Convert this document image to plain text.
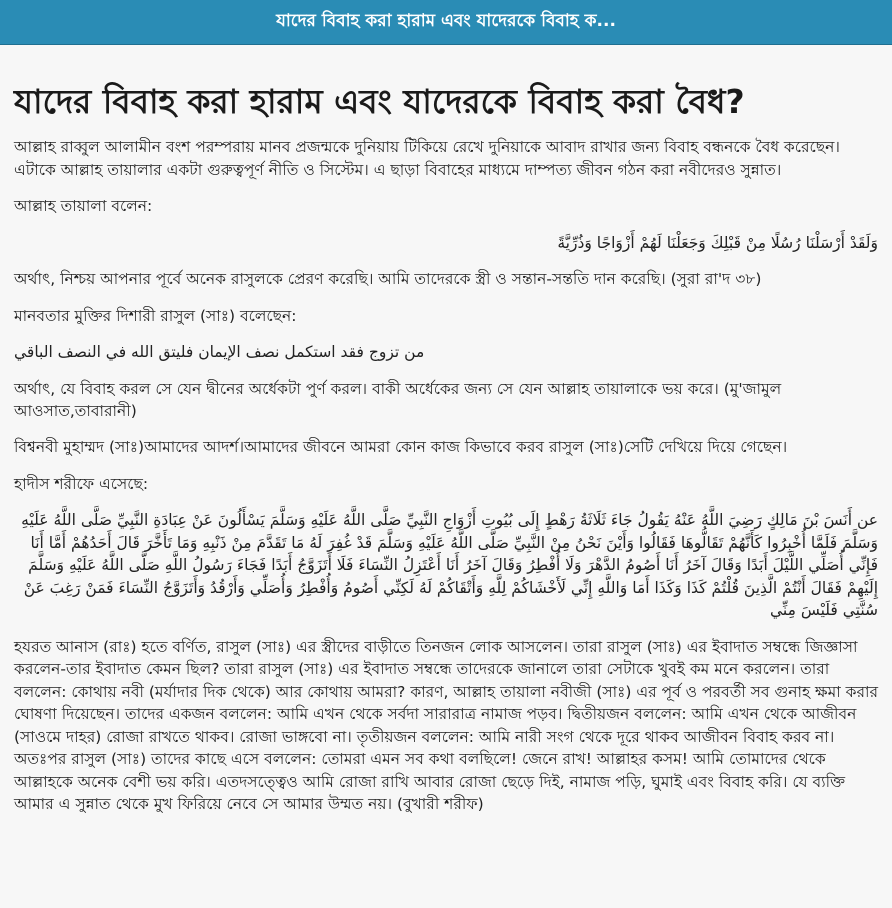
যাদের বিবাহ করা হারাম এবং যাদেরকে বিবাহ ক...
যাদের বিবাহ করা হারাম এবং যাদেরকে বিবাহ করা বৈধ?

আল্লাহ রাব্বুল আলামীন বংশ পরম্পরায় মানব প্রজন্মকে দুনিয়ায় টিকিয়ে রেখে দুনিয়াকে আবাদ রাখার জন্য বিবাহ বন্ধনকে বৈধ করেছেন। এটাকে আল্লাহ তায়ালার একটা গুরুত্বপূর্ণ নীতি ও সিস্টেম। এ ছাড়া বিবাহের মাধ্যমে দাম্পত্য জীবন গঠন করা নবীদেরও সুন্নাত।

আল্লাহ তায়ালা বলেন:

وَلَقَدْ أَرْسَلْنَا رُسُلًا مِنْ قَبْلِكَ وَجَعَلْنَا لَهُمْ أَزْوَاجًا وَذُرِّيَّةً

অর্থাৎ, নিশ্চয় আপনার পূর্বে অনেক রাসুলকে প্রেরণ করেছি। আমি তাদেরকে স্ত্রী ও সন্তান-সন্ততি দান করেছি। (সুরা রা'দ ৩৮)

মানবতার মুক্তির দিশারী রাসুল (সাঃ) বলেছেন:

من تزوج فقد استكمل نصف الإيمان فليتق الله في النصف الباقي

অর্থাৎ, যে বিবাহ করল সে যেন দ্বীনের অর্ধেকটা পুর্ণ করল। বাকী অর্ধেকের জন্য সে যেন আল্লাহ তায়ালাকে ভয় করে। (মু'জামুল আওসাত,তাবারানী)

বিশ্বনবী মুহাম্মদ (সাঃ)আমাদের আদর্শ।আমাদের জীবনে আমরা কোন কাজ কিভাবে করব রাসুল (সাঃ)সেটি দেখিয়ে দিয়ে গেছেন।

হাদীস শরীফে এসেছে:

عن أَنَسَ بْنَ مَالِكٍ رَضِيَ اللَّهُ عَنْهُ يَقُولُ جَاءَ ثَلَاثَةُ رَهْطٍ إِلَى بُيُوتِ أَزْوَاجِ النَّبِيِّ صَلَّى اللَّهُ عَلَيْهِ وَسَلَّمَ يَسْأَلُونَ عَنْ عِبَادَةِ النَّبِيِّ صَلَّى اللَّهُ عَلَيْهِ وَسَلَّمَ فَلَمَّا أُخْبِرُوا كَأَنَّهُمْ تَقَالُّوهَا فَقَالُوا وَأَيْنَ نَحْنُ مِنْ النَّبِيِّ صَلَّى اللَّهُ عَلَيْهِ وَسَلَّمَ قَدْ غُفِرَ لَهُ مَا تَقَدَّمَ مِنْ ذَنْبِهِ وَمَا تَأَخَّرَ قَالَ أَحَدُهُمْ أَمَّا أَنَا فَإِنِّي أُصَلِّي اللَّيْلَ أَبَدًا وَقَالَ آخَرُ أَنَا أَصُومُ الدَّهْرَ وَلَا أُفْطِرُ وَقَالَ آخَرُ أَنَا أَعْتَزِلُ النِّسَاءَ فَلَا أَتَزَوَّجُ أَبَدًا فَجَاءَ رَسُولُ اللَّهِ صَلَّى اللَّهُ عَلَيْهِ وَسَلَّمَ إِلَيْهِمْ فَقَالَ أَنْتُمْ الَّذِينَ قُلْتُمْ كَذَا وَكَذَا أَمَا وَاللَّهِ إِنِّي لَأَخْشَاكُمْ لِلَّهِ وَأَتْقَاكُمْ لَهُ لَكِنِّي أَصُومُ وَأُفْطِرُ وَأُصَلِّي وَأَرْقُدُ وَأَتَزَوَّجُ النِّسَاءَ فَمَنْ رَغِبَ عَنْ سُنَّتِي فَلَيْسَ مِنِّي

হযরত আনাস (রাঃ) হতে বর্ণিত, রাসুল (সাঃ) এর স্ত্রীদের বাড়ীতে তিনজন লোক আসলেন। তারা রাসুল (সাঃ) এর ইবাদাত সম্বন্ধে জিজ্ঞাসা করলেন-তার ইবাদাত কেমন ছিল? তারা রাসুল (সাঃ) এর ইবাদাত সম্বন্ধে তাদেরকে জানালে তারা সেটাকে খুবই কম মনে করলেন। তারা বললেন: কোথায় নবী (মর্যাদার দিক থেকে) আর কোথায় আমরা? কারণ, আল্লাহ তায়ালা নবীজী (সাঃ) এর পূর্ব ও পরবর্তী সব গুনাহ ক্ষমা করার ঘোষণা দিয়েছেন। তাদের একজন বললেন: আমি এখন থেকে সর্বদা সারারাত্র নামাজ পড়ব। দ্বিতীয়জন বললেন: আমি এখন থেকে আজীবন (সাওমে দাহর) রোজা রাখতে থাকব। রোজা ভাঙ্গবো না। তৃতীয়জন বললেন: আমি নারী সংগ থেকে দূরে থাকব আজীবন বিবাহ করব না। অতঃপর রাসুল (সাঃ) তাদের কাছে এসে বললেন: তোমরা এমন সব কথা বলছিলে! জেনে রাখ! আল্লাহর কসম! আমি তোমাদের থেকে আল্লাহকে অনেক বেশী ভয় করি। এতদসত্ত্বেও আমি রোজা রাখি আবার রোজা ছেড়ে দিই, নামাজ পড়ি, ঘুমাই এবং বিবাহ করি। যে ব্যক্তি আমার এ সুন্নাত থেকে মুখ ফিরিয়ে নেবে সে আমার উম্মত নয়। (বুখারী শরীফ)
